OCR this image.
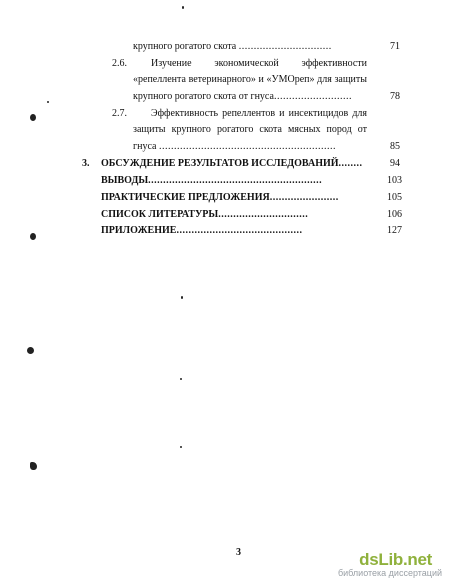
крупного рогатого скота ...............................	71
2.6. Изучение экономической эффективности
«репеллента ветеринарного» и «УМОреп» для защиты
крупного рогатого скота от гнуса..........................	78
2.7. Эффективность репеллентов и инсектицидов для
защиты крупного рогатого скота мясных пород от
гнуса ...........................................................	85
3. ОБСУЖДЕНИЕ РЕЗУЛЬТАТОВ ИССЛЕДОВАНИЙ........	94
ВЫВОДЫ..........................................................	103
ПРАКТИЧЕСКИЕ ПРЕДЛОЖЕНИЯ.......................	105
СПИСОК ЛИТЕРАТУРЫ..............................	106
ПРИЛОЖЕНИЕ..........................................	127
3	dsLib.net
библиотека диссертаций
